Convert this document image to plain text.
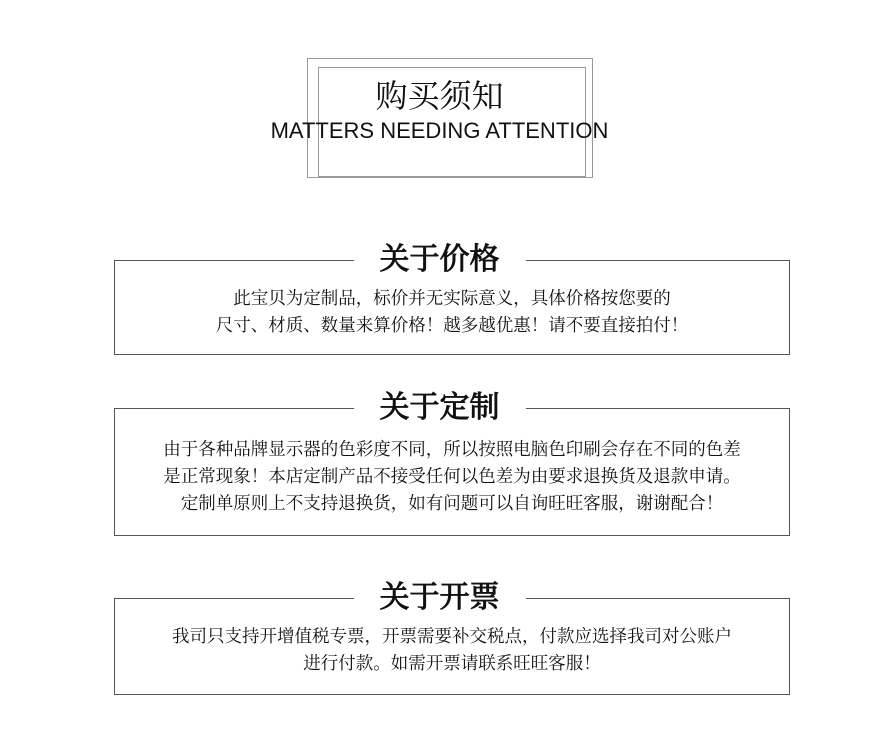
购买须知
MATTERS NEEDING ATTENTION
关于价格
此宝贝为定制品，标价并无实际意义，具体价格按您要的
尺寸、材质、数量来算价格！越多越优惠！请不要直接拍付！
关于定制
由于各种品牌显示器的色彩度不同，所以按照电脑色印刷会存在不同的色差
是正常现象！本店定制产品不接受任何以色差为由要求退换货及退款申请。
定制单原则上不支持退换货，如有问题可以自询旺旺客服，谢谢配合！
关于开票
我司只支持开增值税专票，开票需要补交税点，付款应选择我司对公账户
进行付款。如需开票请联系旺旺客服！
